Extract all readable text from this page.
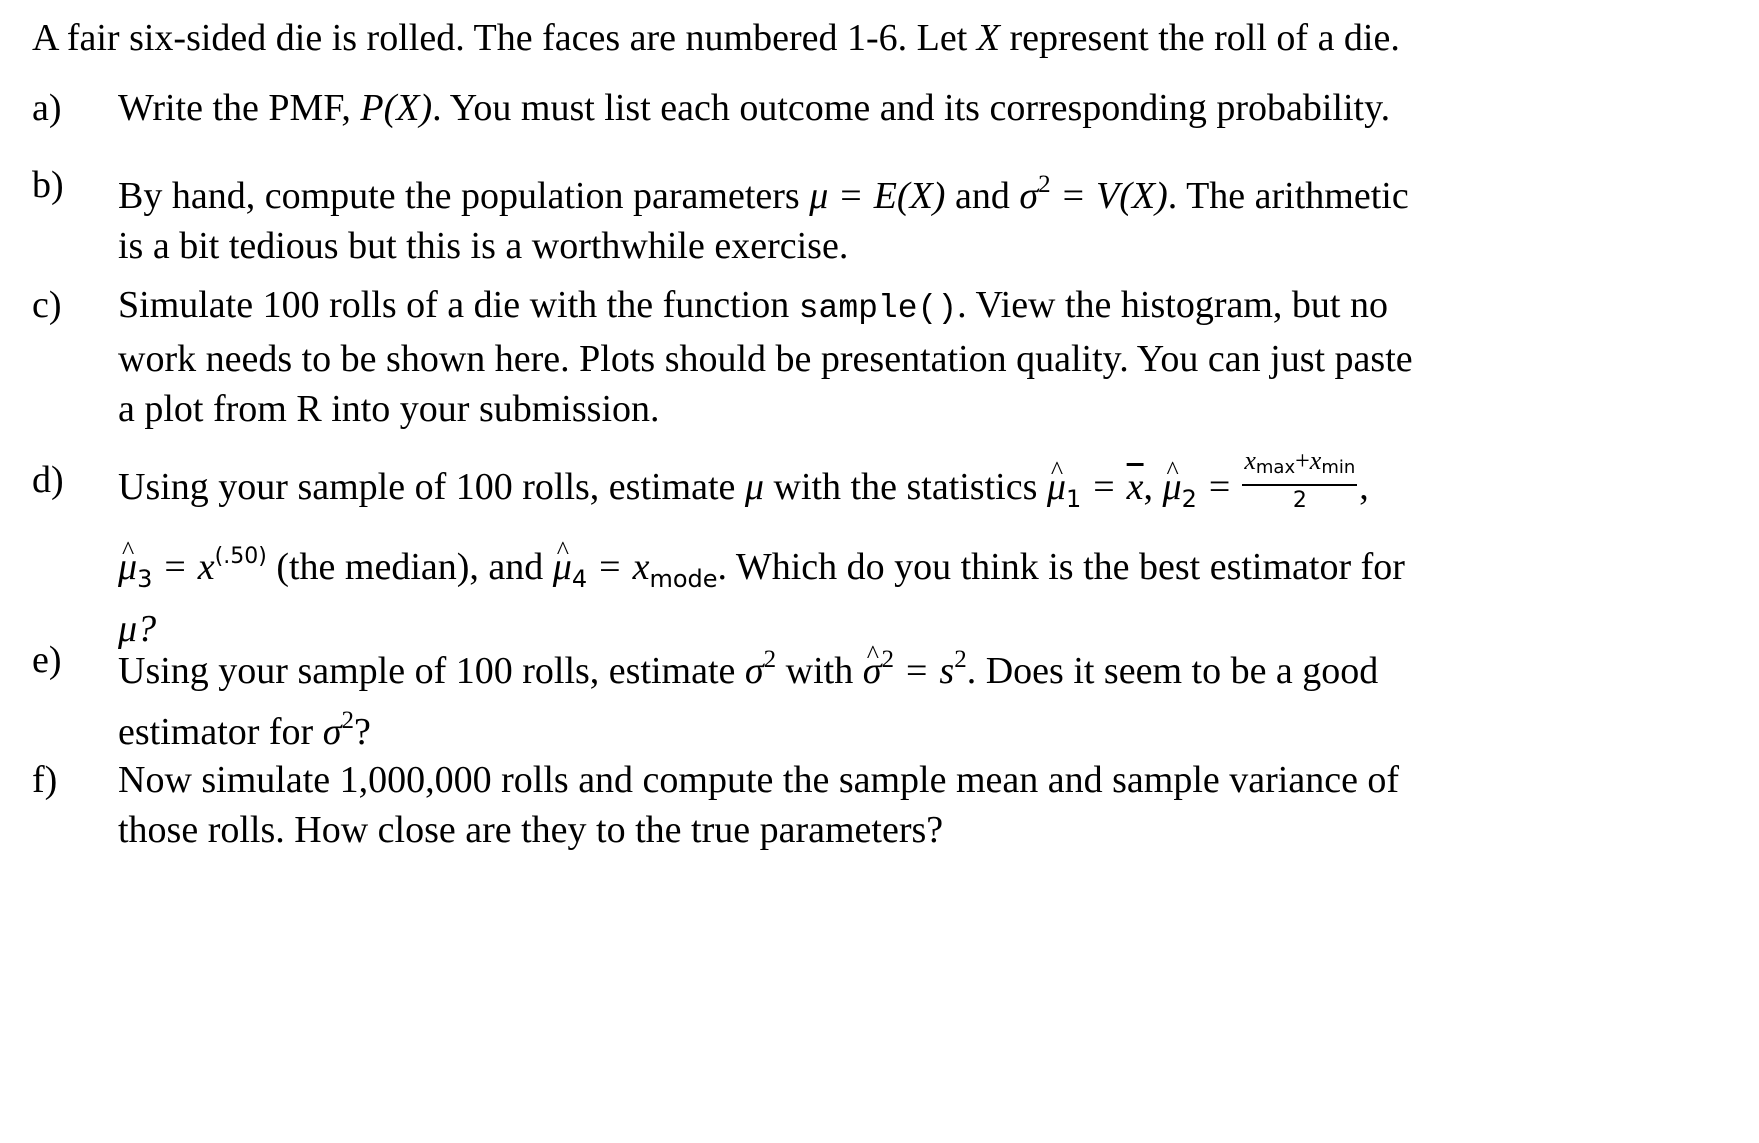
A fair six-sided die is rolled. The faces are numbered 1-6. Let X represent the roll of a die.
a) Write the PMF, P(X). You must list each outcome and its corresponding probability.
b) By hand, compute the population parameters μ = E(X) and $\sigma^2 = V(X)$. The arithmetic
is a bit tedious but this is a worthwhile exercise.
c) Simulate 100 rolls of a die with the function sample(). View the histogram, but no
work needs to be shown here. Plots should be presentation quality. You can just paste
a plot from R into your submission.
d) Using your sample of 100 rolls, estimate μ with the statistics ^ $\mu_1 = \overline{x}$, ^ $\mu_2 = \frac{xmax+xmin}{2}$ ,
^ $\mu_3 = x^{(.50)}$ (the median), and ^ $\mu_4 = x_{mode}$. Which do you think is the best estimator for
μ?
e) Using your sample of 100 rolls, estimate $\sigma^2$ with ^ $\sigma^2 = s^2$. Does it seem to be a good
estimator for $\sigma^2$?
f) Now simulate 1,000,000 rolls and compute the sample mean and sample variance of
those rolls. How close are they to the true parameters?
